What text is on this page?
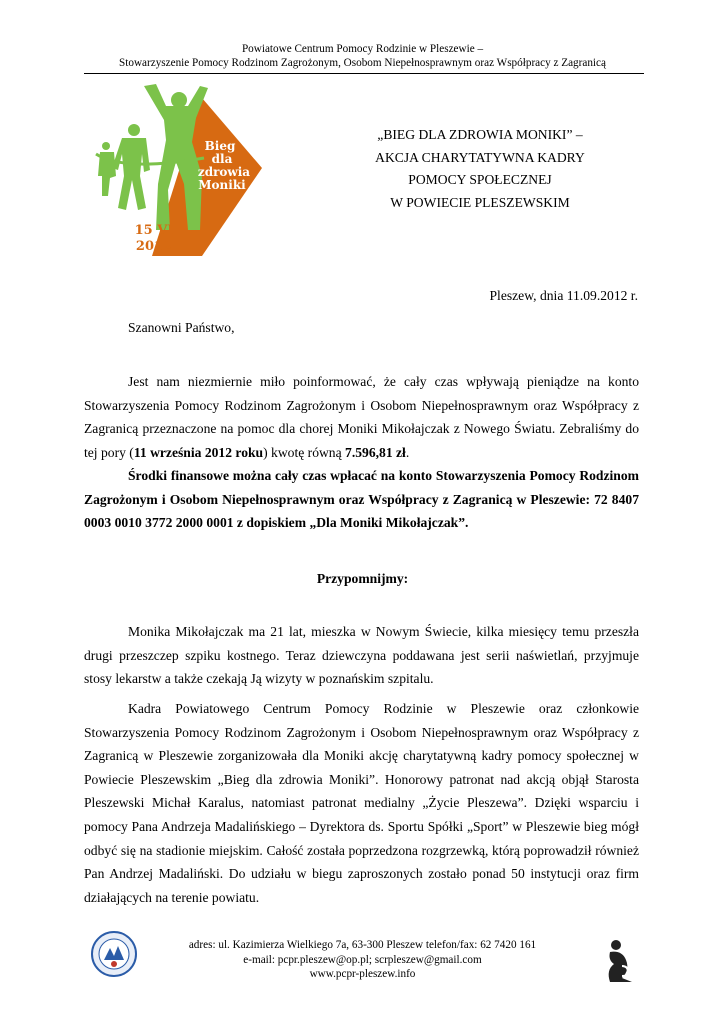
Powiatowe Centrum Pomocy Rodzinie w Pleszewie –
Stowarzyszenie Pomocy Rodzinom Zagrożonym, Osobom Niepełnosprawnym oraz Współpracy z Zagranicą
Bieg
dla
zdrowia
Moniki
15 VI
2012
„BIEG DLA ZDROWIA MONIKI” –
AKCJA CHARYTATYWNA KADRY
POMOCY SPOŁECZNEJ
W POWIECIE PLESZEWSKIM
Pleszew, dnia 11.09.2012 r.
Szanowni Państwo,

Jest nam niezmiernie miło poinformować, że cały czas wpływają pieniądze na konto Stowarzyszenia Pomocy Rodzinom Zagrożonym i Osobom Niepełnosprawnym oraz Współpracy z Zagranicą przeznaczone na pomoc dla chorej Moniki Mikołajczak z Nowego Światu. Zebraliśmy do tej pory (11 września 2012 roku) kwotę równą 7.596,81 zł.

Środki finansowe można cały czas wpłacać na konto Stowarzyszenia Pomocy Rodzinom Zagrożonym i Osobom Niepełnosprawnym oraz Współpracy z Zagranicą w Pleszewie: 72 8407 0003 0010 3772 2000 0001 z dopiskiem „Dla Moniki Mikołajczak”.

Przypomnijmy:

Monika Mikołajczak ma 21 lat, mieszka w Nowym Świecie, kilka miesięcy temu przeszła drugi przeszczep szpiku kostnego. Teraz dziewczyna poddawana jest serii naświetlań, przyjmuje stosy lekarstw a także czekają Ją wizyty w poznańskim szpitalu.

Kadra Powiatowego Centrum Pomocy Rodzinie w Pleszewie oraz członkowie Stowarzyszenia Pomocy Rodzinom Zagrożonym i Osobom Niepełnosprawnym oraz Współpracy z Zagranicą w Pleszewie zorganizowała dla Moniki akcję charytatywną kadry pomocy społecznej w Powiecie Pleszewskim „Bieg dla zdrowia Moniki”. Honorowy patronat nad akcją objął Starosta Pleszewski Michał Karalus, natomiast patronat medialny „Życie Pleszewa”. Dzięki wsparciu i pomocy Pana Andrzeja Madalińskiego – Dyrektora ds. Sportu Spółki „Sport” w Pleszewie bieg mógł odbyć się na stadionie miejskim. Całość została poprzedzona rozgrzewką, którą poprowadził również Pan Andrzej Madaliński. Do udziału w biegu zaproszonych zostało ponad 50 instytucji oraz firm działających na terenie powiatu.

adres: ul. Kazimierza Wielkiego 7a, 63-300 Pleszew telefon/fax: 62 7420 161
e-mail: pcpr.pleszew@op.pl; scrpleszew@gmail.com
www.pcpr-pleszew.info
